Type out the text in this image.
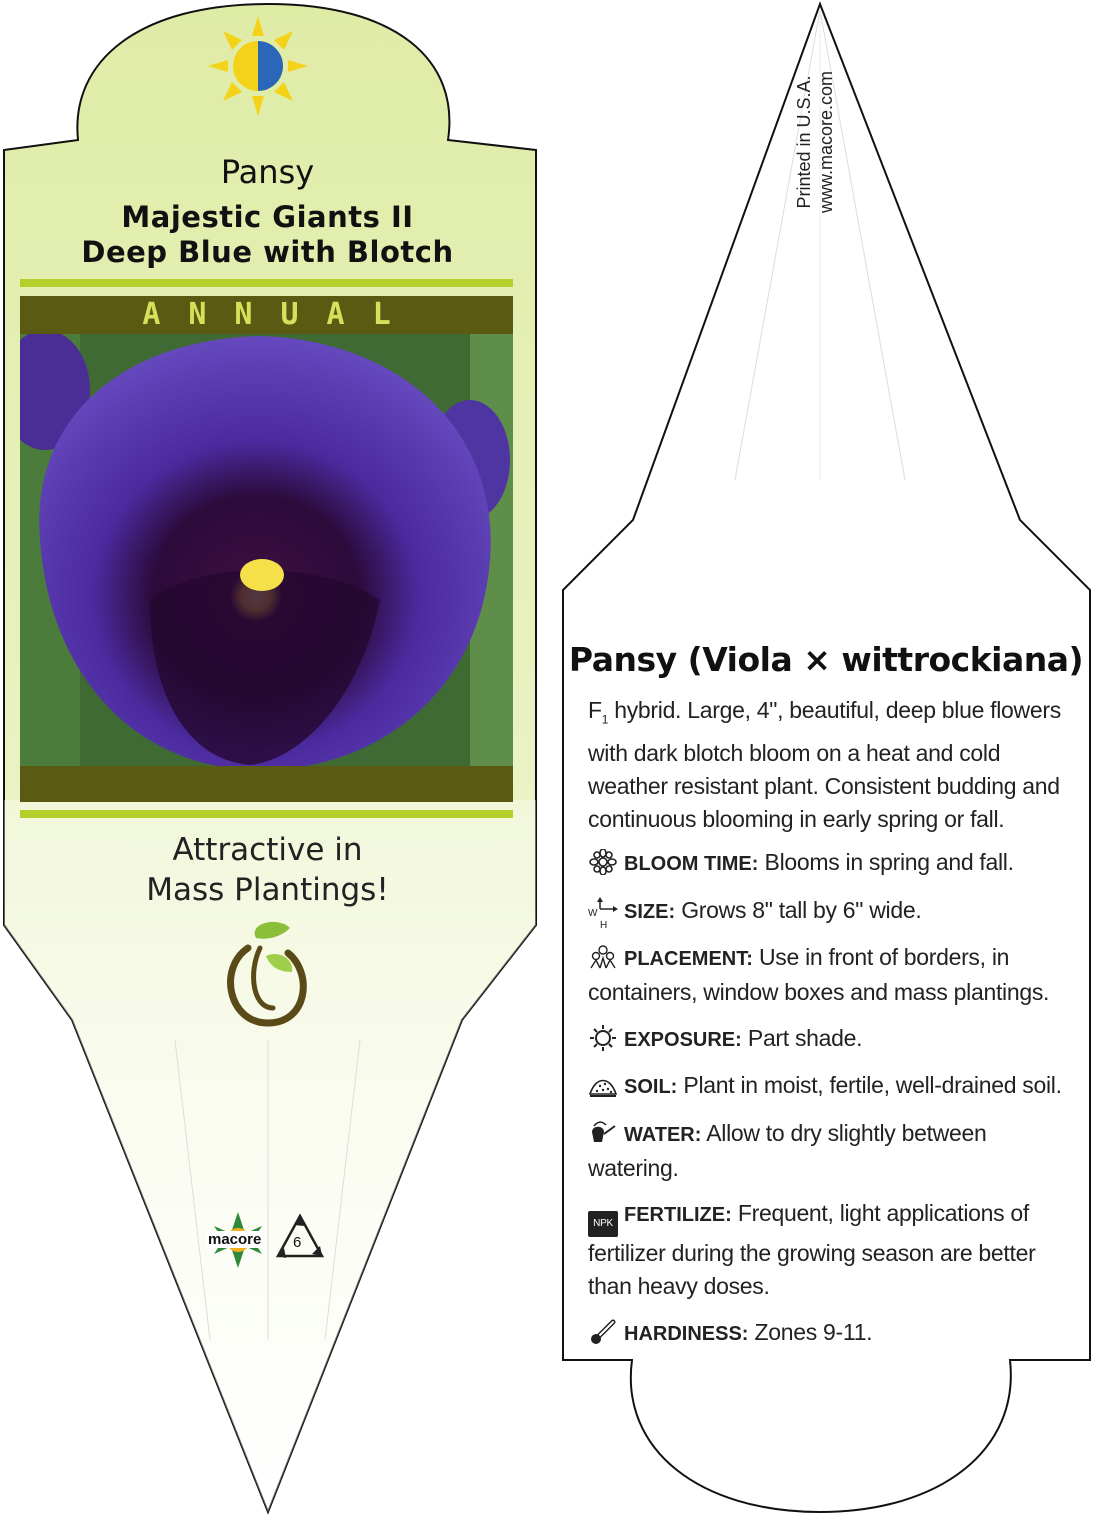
Pansy
Majestic Giants II
Deep Blue with Blotch
ANNUAL
Attractive in
Mass Plantings!
macore 6
Printed in U.S.A. www.macore.com
Pansy (Viola × wittrockiana)
$F_1$ hybrid. Large, 4", beautiful, deep blue flowers with dark blotch bloom on a heat and cold weather resistant plant. Consistent budding and continuous blooming in early spring or fall.
BLOOM TIME: Blooms in spring and fall.
W
H
SIZE: Grows 8" tall by 6" wide.
PLACEMENT: Use in front of borders, in containers, window boxes and mass plantings.
EXPOSURE: Part shade.
SOIL: Plant in moist, fertile, well-drained soil.
WATER: Allow to dry slightly between watering.
NPK FERTILIZE: Frequent, light applications of fertilizer during the growing season are better than heavy doses.
HARDINESS: Zones 9-11.
